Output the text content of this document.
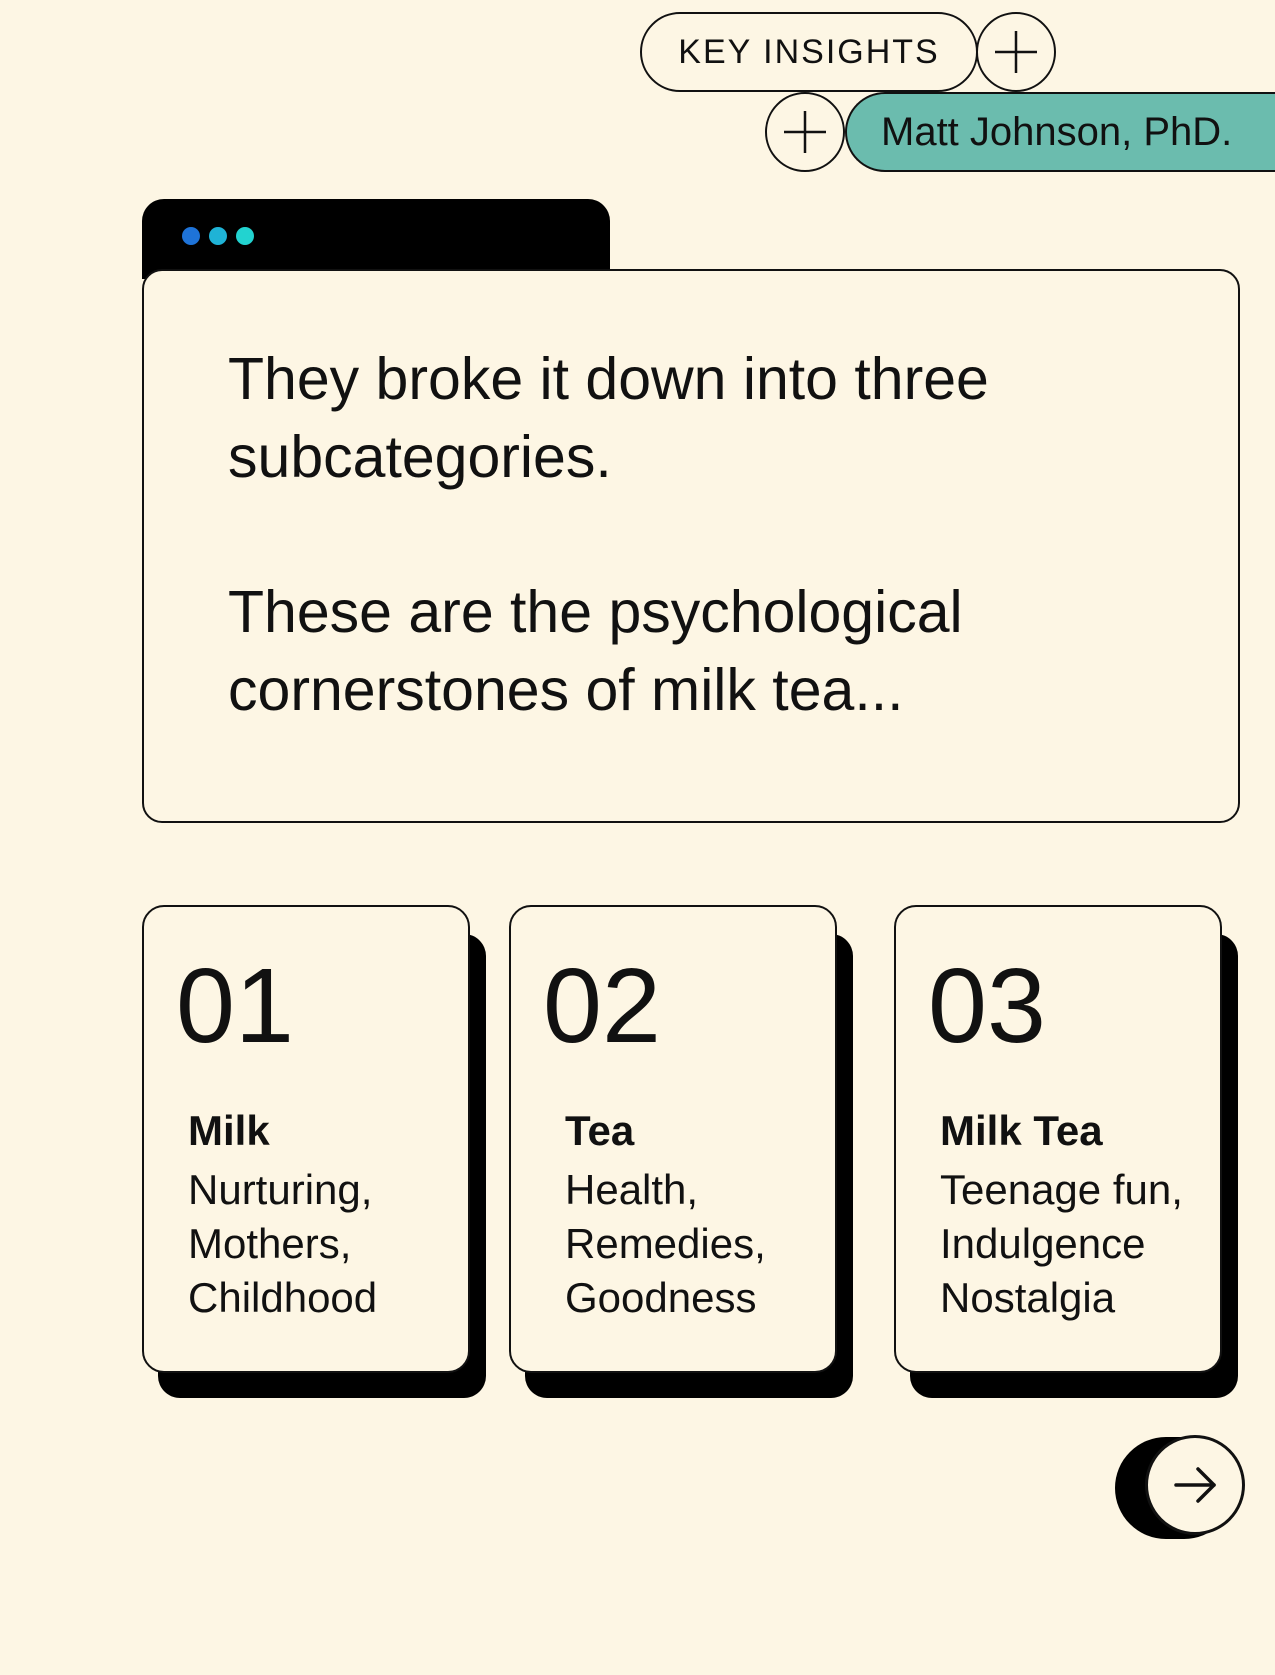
KEY INSIGHTS
Matt Johnson, PhD.

They broke it down into three subcategories.

These are the psychological cornerstones of milk tea...

01

Milk

Nurturing,
Mothers,
Childhood

02

Tea

Health,
Remedies,
Goodness

03

Milk Tea

Teenage fun,
Indulgence
Nostalgia
